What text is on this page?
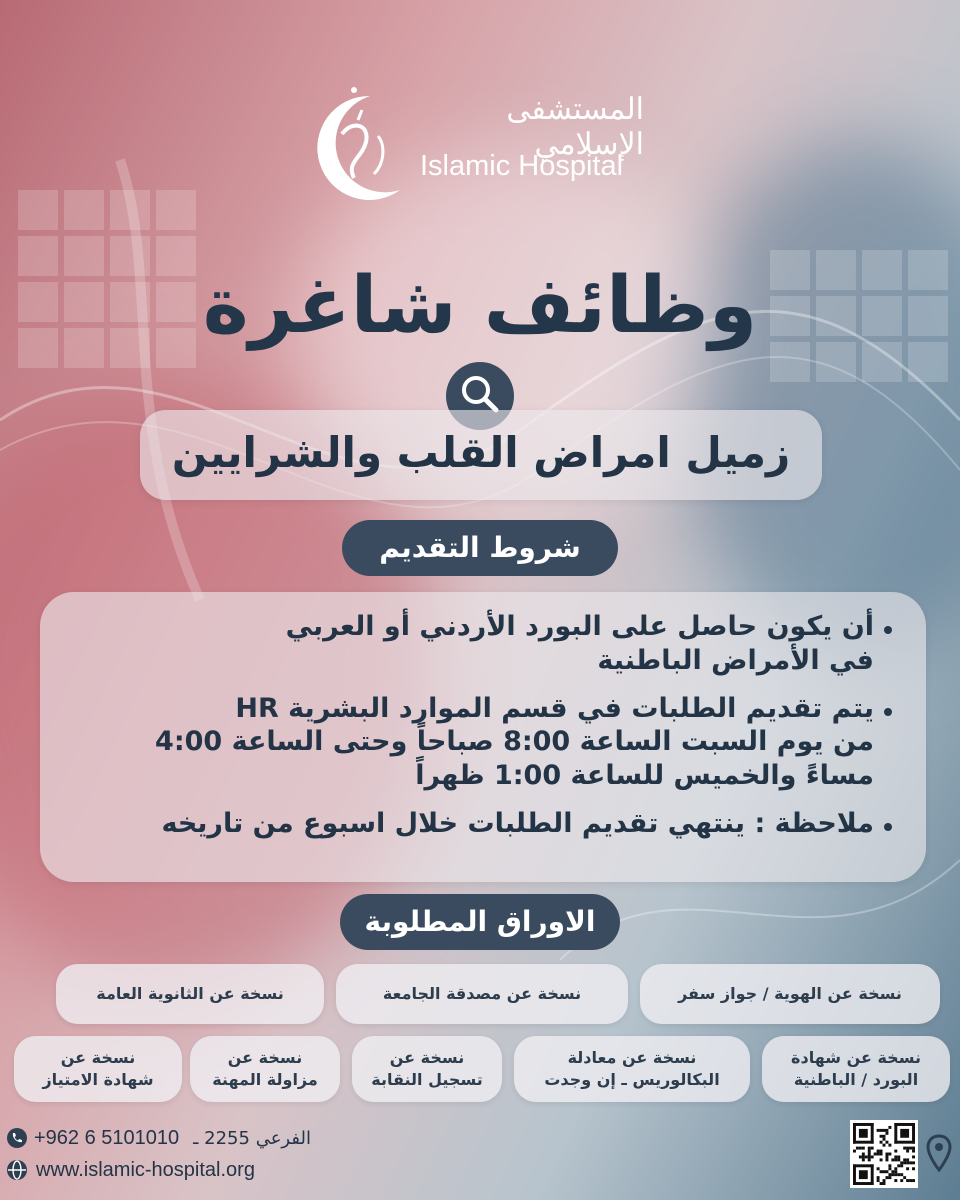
المستشفى الإسلامي
Islamic Hospital
وظائف شاغرة
زميل امراض القلب والشرايين
شروط التقديم
أن يكون حاصل على البورد الأردني أو العربي
في الأمراض الباطنية
يتم تقديم الطلبات في قسم الموارد البشرية HR
من يوم السبت الساعة 8:00 صباحاً وحتى الساعة 4:00
مساءً والخميس للساعة 1:00 ظهراً
ملاحظة : ينتهي تقديم الطلبات خلال اسبوع من تاريخه
الاوراق المطلوبة
نسخة عن الهوية / جواز سفر
نسخة عن مصدقة الجامعة
نسخة عن الثانوية العامة
نسخة عن شهادة
البورد / الباطنية
نسخة عن معادلة
البكالوريس ـ إن وجدت
نسخة عن
تسجيل النقابة
نسخة عن
مزاولة المهنة
نسخة عن
شهادة الامتياز
+962 6 5101010 الفرعي 2255 ـ
www.islamic-hospital.org
